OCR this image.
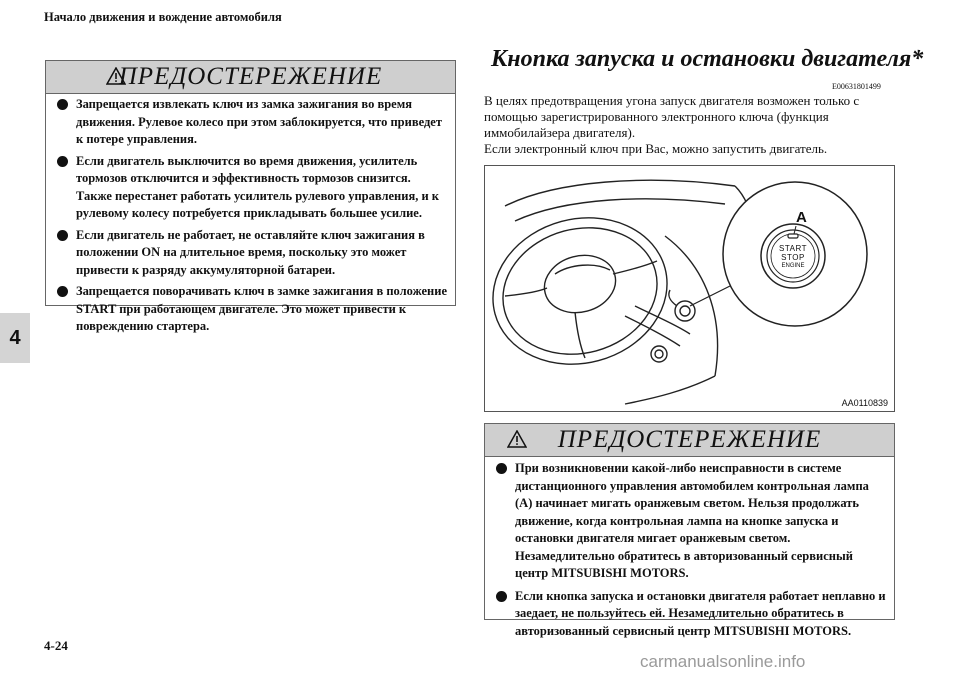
Начало движения и вождение автомобиля
4
4-24
ПРЕДОСТЕРЕЖЕНИЕ
Запрещается извлекать ключ из замка зажигания во время движения. Рулевое колесо при этом заблокируется, что приведет к потере управления.
Если двигатель выключится во время движения, усилитель тормозов отключится и эффективность тормозов снизится. Также перестанет работать усилитель рулевого управления, и к рулевому колесу потребуется прикладывать большее усилие.
Если двигатель не работает, не оставляйте ключ зажигания в положении ON на длительное время, поскольку это может привести к разряду аккумуляторной батареи.
Запрещается поворачивать ключ в замке зажигания в положение START при работающем двигателе. Это может привести к повреждению стартера.
Кнопка запуска и остановки двигателя*
E00631801499

В целях предотвращения угона запуск двигателя возможен только с помощью зарегистрированного электронного ключа (функция иммобилайзера двигателя).

Если электронный ключ при Вас, можно запустить двигатель.

A
START
STOP
ENGINE
AA0110839
ПРЕДОСТЕРЕЖЕНИЕ
При возникновении какой-либо неисправности в системе дистанционного управления автомобилем контрольная лампа (A) начинает мигать оранжевым светом. Нельзя продолжать движение, когда контрольная лампа на кнопке запуска и остановки двигателя мигает оранжевым светом. Незамедлительно обратитесь в авторизованный сервисный центр MITSUBISHI MOTORS.
Если кнопка запуска и остановки двигателя работает неплавно и заедает, не пользуйтесь ей. Незамедлительно обратитесь в авторизованный сервисный центр MITSUBISHI MOTORS.
carmanualsonline.info
